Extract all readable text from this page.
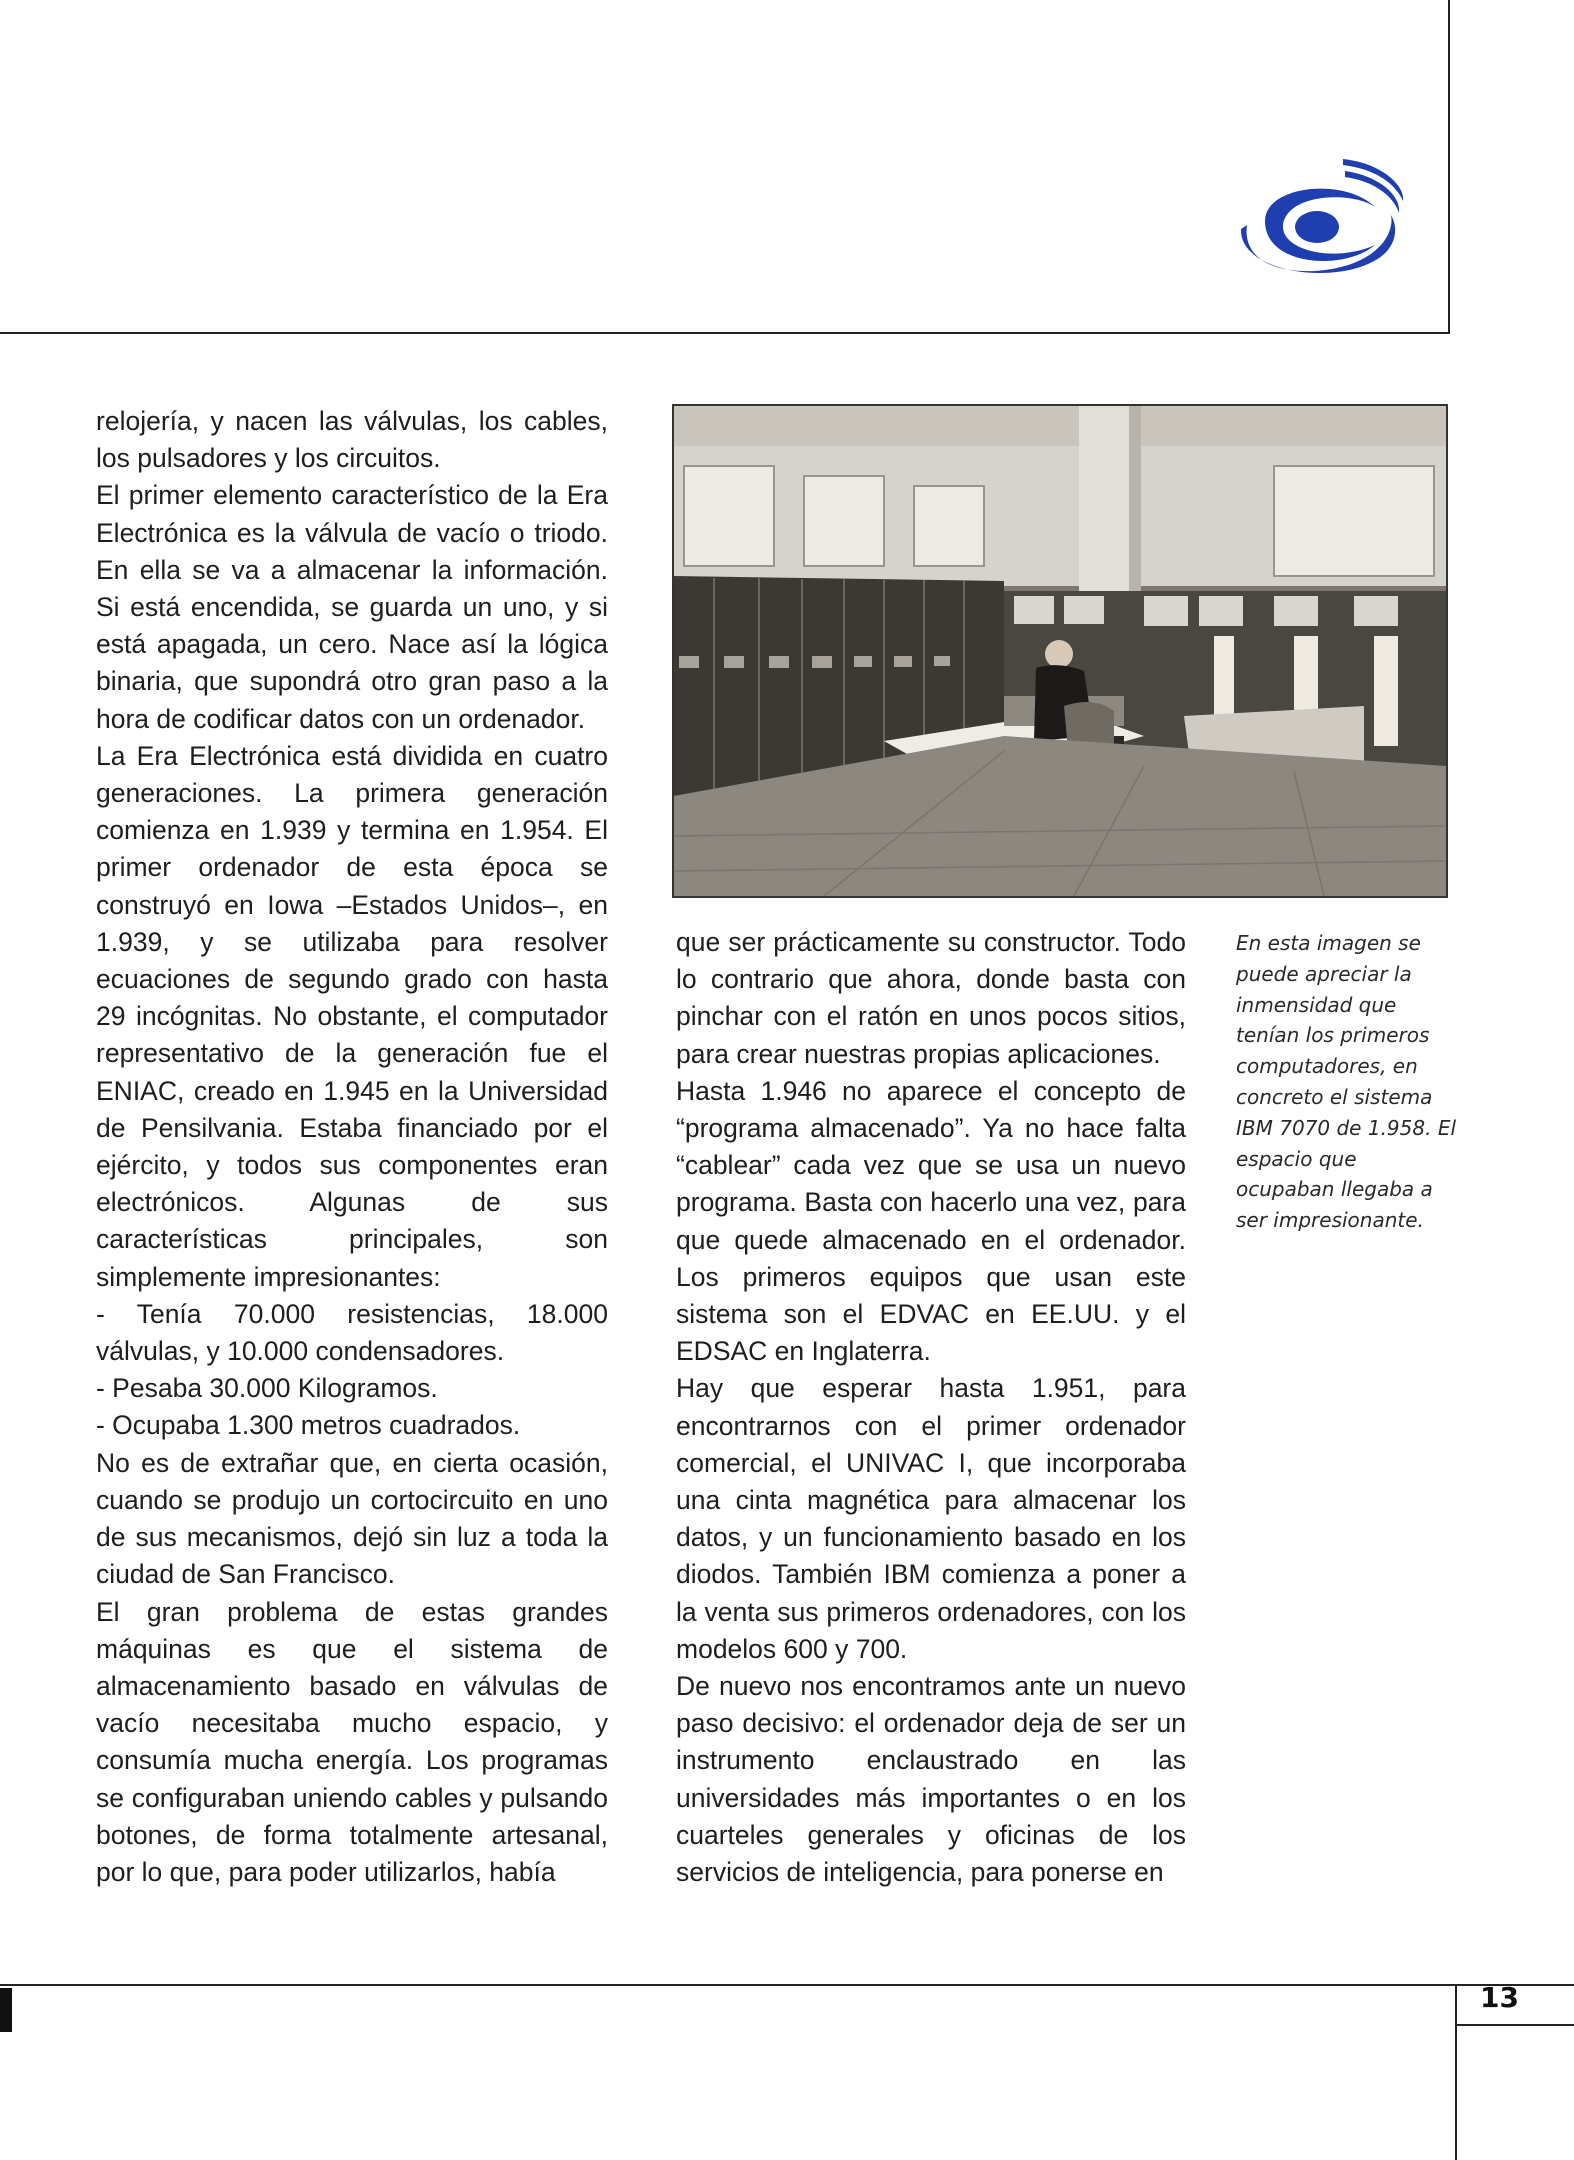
relojería, y nacen las válvulas, los cables, los pulsadores y los circuitos.

El primer elemento característico de la Era Electrónica es la válvula de vacío o triodo. En ella se va a almacenar la información. Si está encendida, se guarda un uno, y si está apagada, un cero. Nace así la lógica binaria, que supondrá otro gran paso a la hora de codificar datos con un ordenador.

La Era Electrónica está dividida en cuatro generaciones. La primera generación comienza en 1.939 y termina en 1.954. El primer ordenador de esta época se construyó en Iowa –Estados Unidos–, en 1.939, y se utilizaba para resolver ecuaciones de segundo grado con hasta 29 incógnitas. No obstante, el computador representativo de la generación fue el ENIAC, creado en 1.945 en la Universidad de Pensilvania. Estaba financiado por el ejército, y todos sus componentes eran electrónicos. Algunas de sus características principales, son simplemente impresionantes:

- Tenía 70.000 resistencias, 18.000 válvulas, y 10.000 condensadores.

- Pesaba 30.000 Kilogramos.

- Ocupaba 1.300 metros cuadrados.

No es de extrañar que, en cierta ocasión, cuando se produjo un cortocircuito en uno de sus mecanismos, dejó sin luz a toda la ciudad de San Francisco.

El gran problema de estas grandes máquinas es que el sistema de almacenamiento basado en válvulas de vacío necesitaba mucho espacio, y consumía mucha energía. Los programas se configuraban uniendo cables y pulsando botones, de forma totalmente artesanal, por lo que, para poder utilizarlos, había

que ser prácticamente su constructor. Todo lo contrario que ahora, donde basta con pinchar con el ratón en unos pocos sitios, para crear nuestras propias aplicaciones.

Hasta 1.946 no aparece el concepto de “programa almacenado”. Ya no hace falta “cablear” cada vez que se usa un nuevo programa. Basta con hacerlo una vez, para que quede almacenado en el ordenador. Los primeros equipos que usan este sistema son el EDVAC en EE.UU. y el EDSAC en Inglaterra.

Hay que esperar hasta 1.951, para encontrarnos con el primer ordenador comercial, el UNIVAC I, que incorporaba una cinta magnética para almacenar los datos, y un funcionamiento basado en los diodos. También IBM comienza a poner a la venta sus primeros ordenadores, con los modelos 600 y 700.

De nuevo nos encontramos ante un nuevo paso decisivo: el ordenador deja de ser un instrumento enclaustrado en las universidades más importantes o en los cuarteles generales y oficinas de los servicios de inteligencia, para ponerse en

En esta imagen se puede apreciar la inmensidad que tenían los primeros computadores, en concreto el sistema IBM 7070 de 1.958. El espacio que ocupaban llegaba a ser impresionante.
13
